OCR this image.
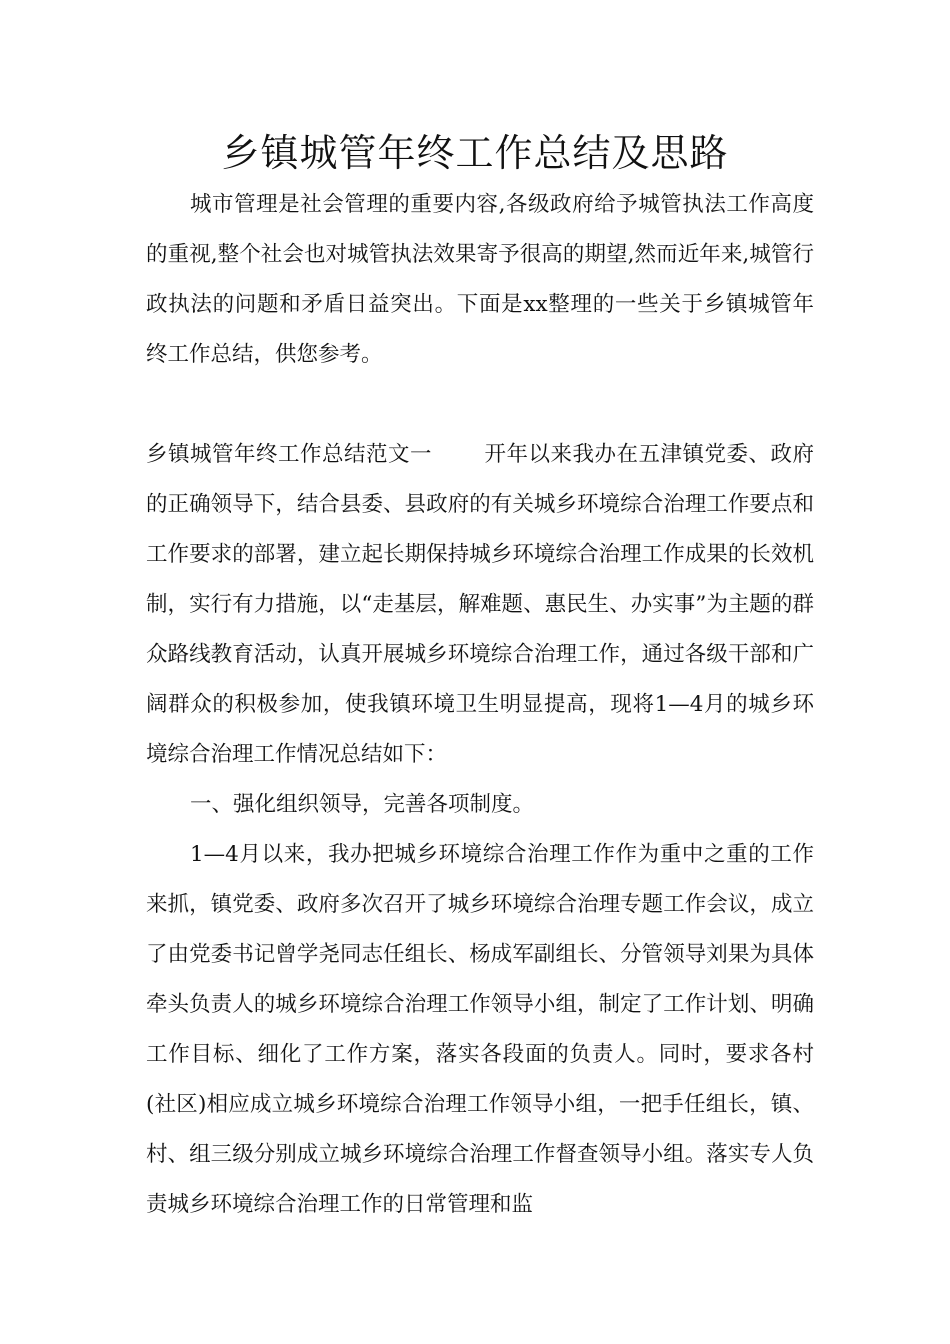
乡镇城管年终工作总结及思路

城市管理是社会管理的重要内容,各级政府给予城管执法工作高度的重视,整个社会也对城管执法效果寄予很高的期望,然而近年来,城管行政执法的问题和矛盾日益突出。下面是xx整理的一些关于乡镇城管年终工作总结，供您参考。

乡镇城管年终工作总结范文一 开年以来我办在五津镇党委、政府的正确领导下，结合县委、县政府的有关城乡环境综合治理工作要点和工作要求的部署，建立起长期保持城乡环境综合治理工作成果的长效机制，实行有力措施，以“走基层，解难题、惠民生、办实事”为主题的群众路线教育活动，认真开展城乡环境综合治理工作，通过各级干部和广阔群众的积极参加，使我镇环境卫生明显提高，现将1—4月的城乡环境综合治理工作情况总结如下：

一、强化组织领导，完善各项制度。

1—4月以来，我办把城乡环境综合治理工作作为重中之重的工作来抓，镇党委、政府多次召开了城乡环境综合治理专题工作会议，成立了由党委书记曾学尧同志任组长、杨成军副组长、分管领导刘果为具体牵头负责人的城乡环境综合治理工作领导小组，制定了工作计划、明确工作目标、细化了工作方案，落实各段面的负责人。同时，要求各村(社区)相应成立城乡环境综合治理工作领导小组，一把手任组长，镇、村、组三级分别成立城乡环境综合治理工作督查领导小组。落实专人负责城乡环境综合治理工作的日常管理和监
